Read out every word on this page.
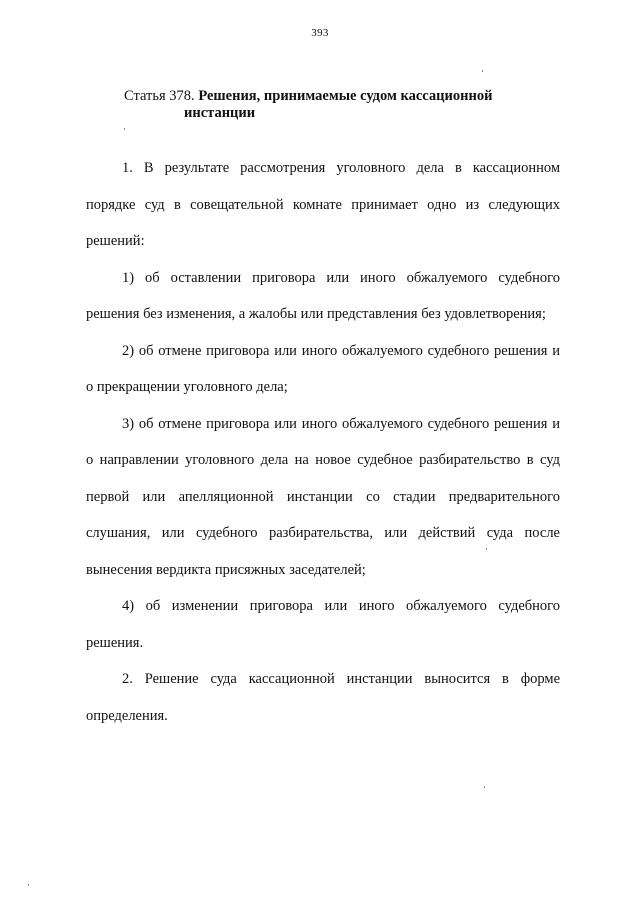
393
Статья 378. Решения, принимаемые судом кассационной
инстанции

1. В результате рассмотрения уголовного дела в кассационном порядке суд в совещательной комнате принимает одно из следующих решений:

1) об оставлении приговора или иного обжалуемого судебного решения без изменения, а жалобы или представления без удовлетворения;

2) об отмене приговора или иного обжалуемого судебного решения и о прекращении уголовного дела;

3) об отмене приговора или иного обжалуемого судебного решения и о направлении уголовного дела на новое судебное разбирательство в суд первой или апелляционной инстанции со стадии предварительного слушания, или судебного разбирательства, или действий суда после вынесения вердикта присяжных заседателей;

4) об изменении приговора или иного обжалуемого судебного решения.

2. Решение суда кассационной инстанции выносится в форме определения.
